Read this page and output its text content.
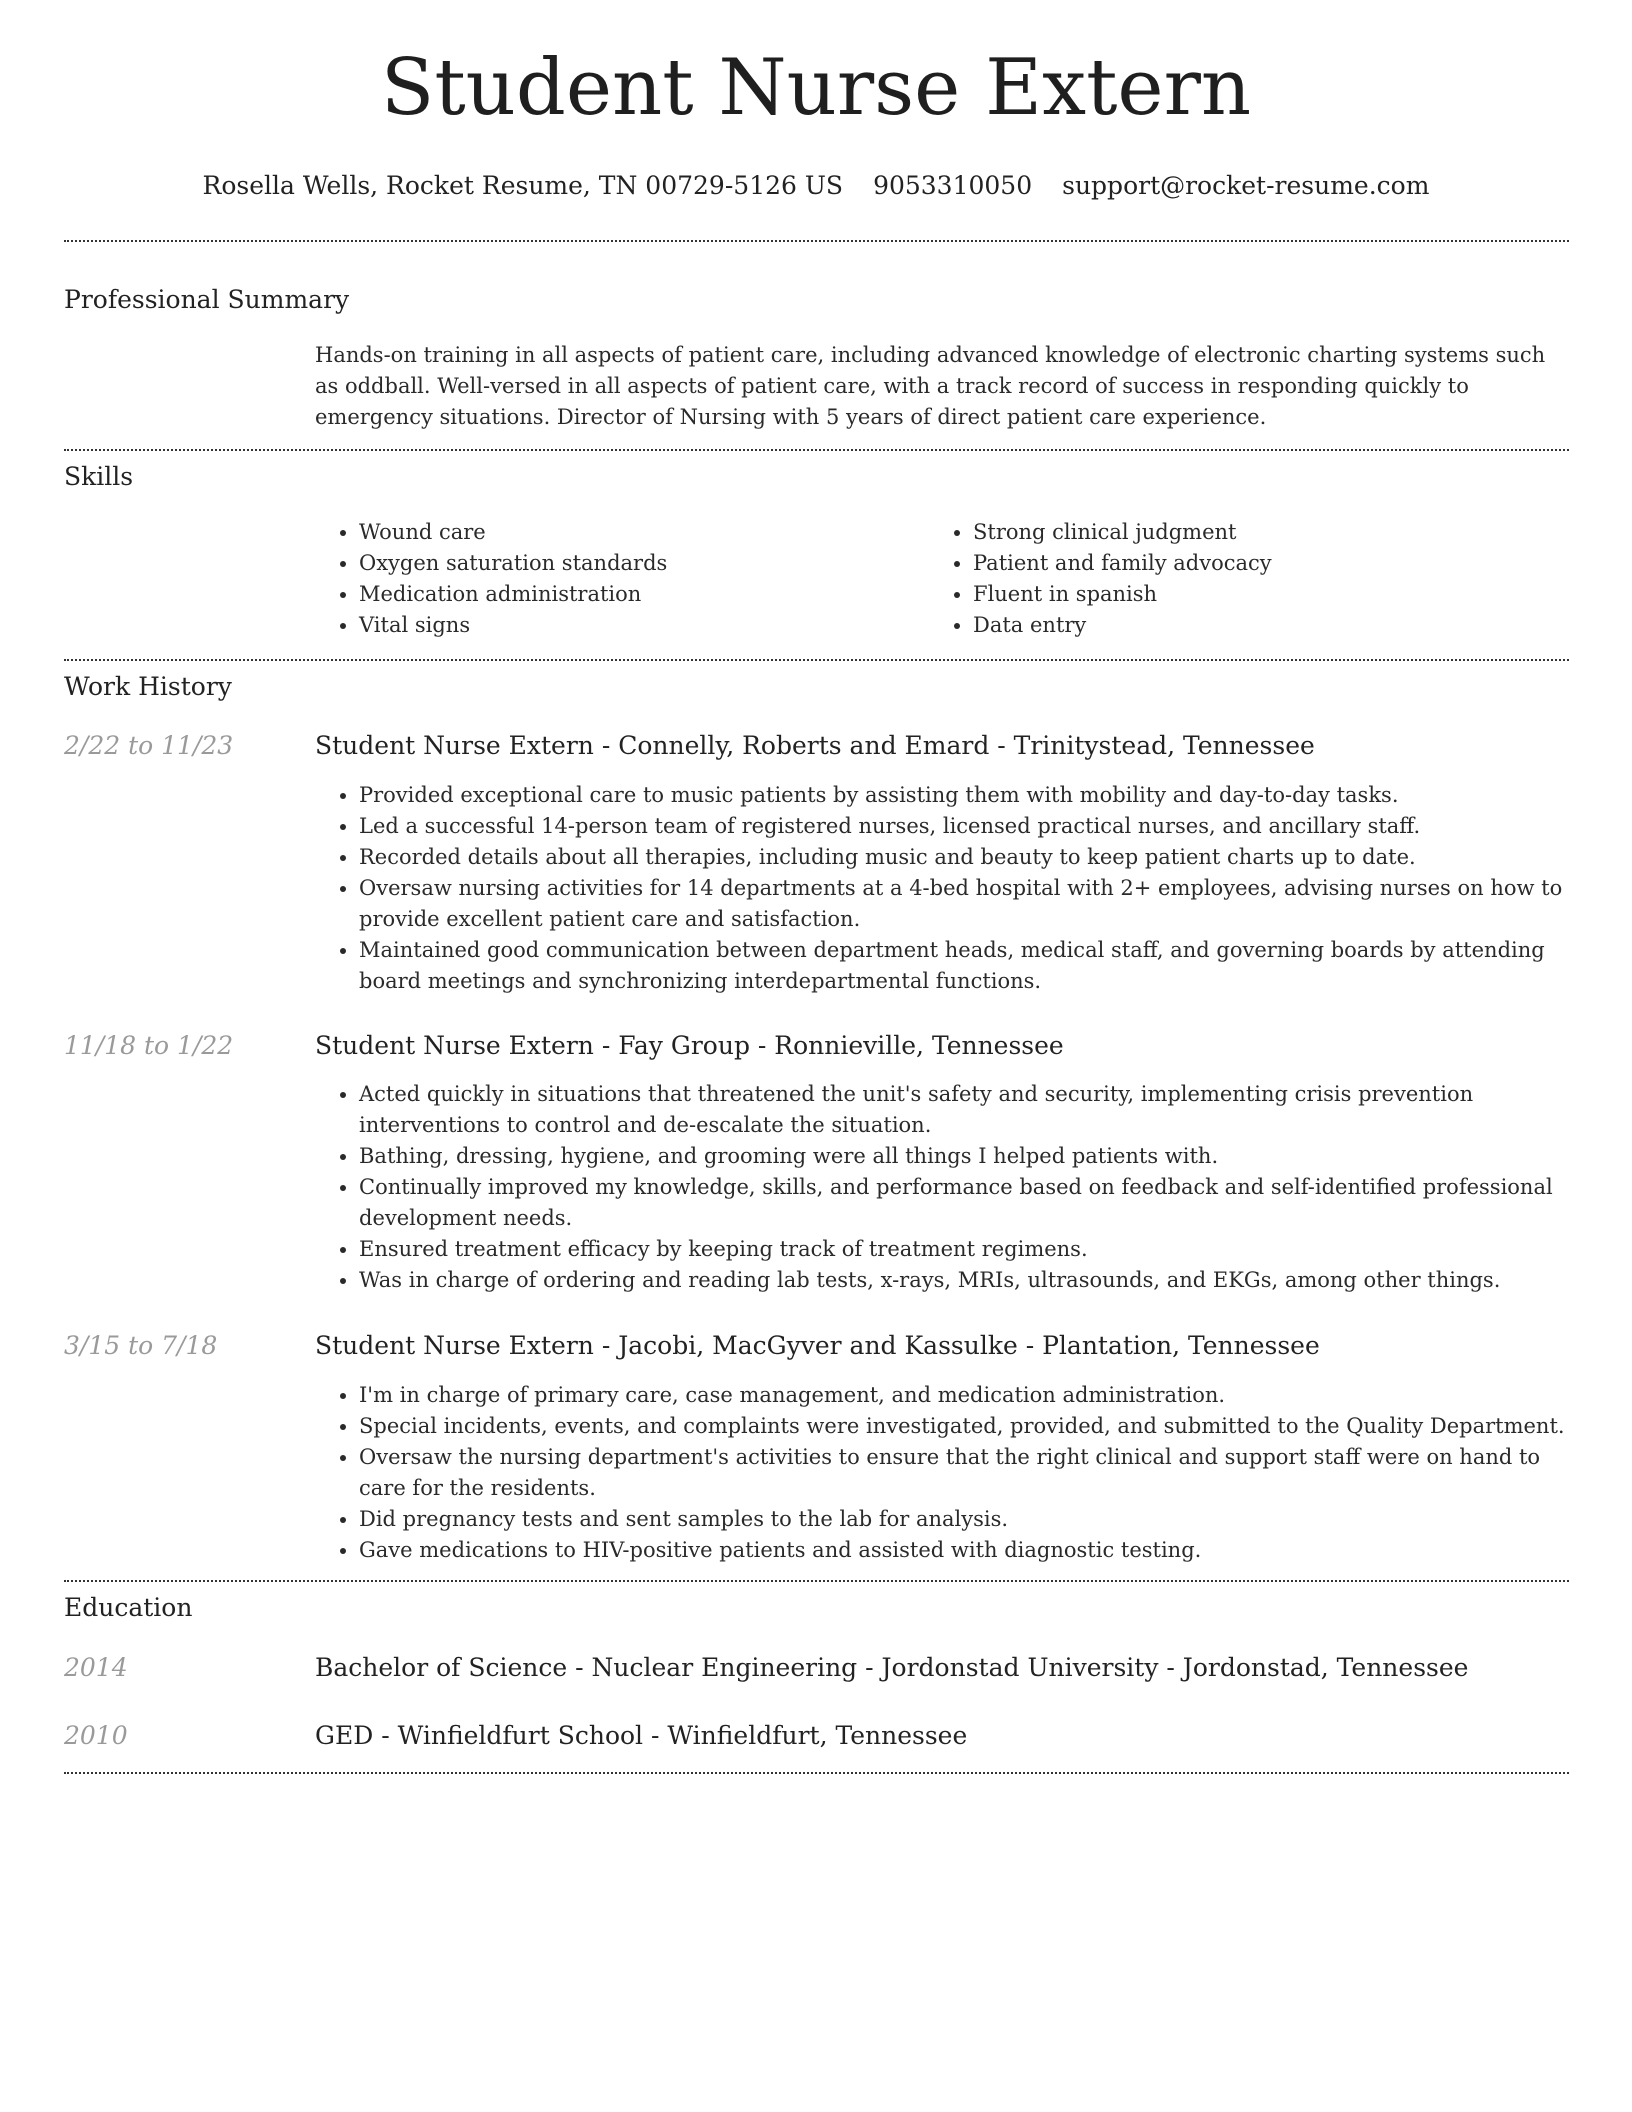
Student Nurse Extern
Rosella Wells, Rocket Resume, TN 00729-5126 US 9053310050 support@rocket-resume.com
Professional Summary
Hands-on training in all aspects of patient care, including advanced knowledge of electronic charting systems such as oddball. Well-versed in all aspects of patient care, with a track record of success in responding quickly to emergency situations. Director of Nursing with 5 years of direct patient care experience.
Skills
• Wound care
• Oxygen saturation standards
• Medication administration
• Vital signs
• Strong clinical judgment
• Patient and family advocacy
• Fluent in spanish
• Data entry
Work History
2/22 to 11/23	Student Nurse Extern - Connelly, Roberts and Emard - Trinitystead, Tennessee
• Provided exceptional care to music patients by assisting them with mobility and day-to-day tasks.
• Led a successful 14-person team of registered nurses, licensed practical nurses, and ancillary staff.
• Recorded details about all therapies, including music and beauty to keep patient charts up to date.
• Oversaw nursing activities for 14 departments at a 4-bed hospital with 2+ employees, advising nurses on how to provide excellent patient care and satisfaction.
• Maintained good communication between department heads, medical staff, and governing boards by attending board meetings and synchronizing interdepartmental functions.
11/18 to 1/22	Student Nurse Extern - Fay Group - Ronnieville, Tennessee
• Acted quickly in situations that threatened the unit's safety and security, implementing crisis prevention interventions to control and de-escalate the situation.
• Bathing, dressing, hygiene, and grooming were all things I helped patients with.
• Continually improved my knowledge, skills, and performance based on feedback and self-identified professional development needs.
• Ensured treatment efficacy by keeping track of treatment regimens.
• Was in charge of ordering and reading lab tests, x-rays, MRIs, ultrasounds, and EKGs, among other things.
3/15 to 7/18	Student Nurse Extern - Jacobi, MacGyver and Kassulke - Plantation, Tennessee
• I'm in charge of primary care, case management, and medication administration.
• Special incidents, events, and complaints were investigated, provided, and submitted to the Quality Department.
• Oversaw the nursing department's activities to ensure that the right clinical and support staff were on hand to care for the residents.
• Did pregnancy tests and sent samples to the lab for analysis.
• Gave medications to HIV-positive patients and assisted with diagnostic testing.
Education
2014	Bachelor of Science - Nuclear Engineering - Jordonstad University - Jordonstad, Tennessee
2010	GED - Winfieldfurt School - Winfieldfurt, Tennessee
